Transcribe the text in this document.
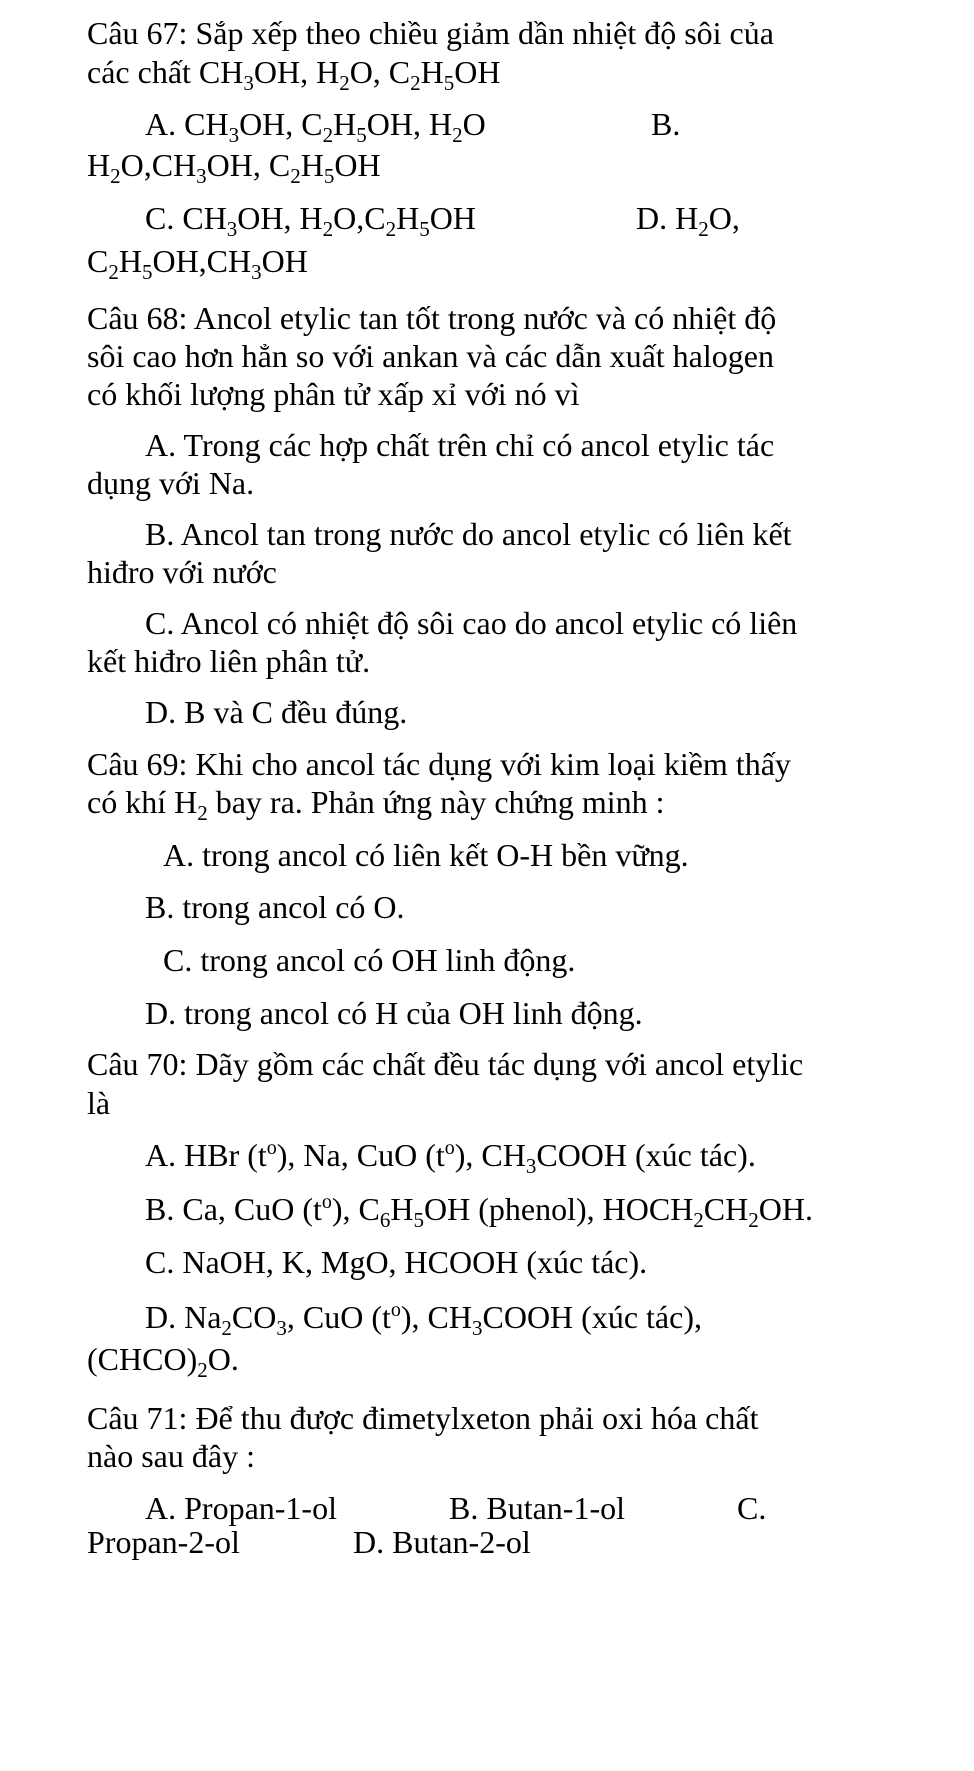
Câu 67: Sắp xếp theo chiều giảm dần nhiệt độ sôi của
các chất $CH_3OH$, $H_2O$, $C_2H_5OH$
A. $CH_3OH$, $C_2H_5OH$, $H_2O$	B.
$H_2O,CH_3OH$, $C_2H_5OH$
C. $CH_3OH$, $H_2O,C_2H_5OH$	D. $H_2O$,
$C_2H_5OH,CH_3OH$
Câu 68: Ancol etylic tan tốt trong nước và có nhiệt độ
sôi cao hơn hẳn so với ankan và các dẫn xuất halogen
có khối lượng phân tử xấp xỉ với nó vì
A. Trong các hợp chất trên chỉ có ancol etylic tác
dụng với Na.
B. Ancol tan trong nước do ancol etylic có liên kết
hiđro với nước
C. Ancol có nhiệt độ sôi cao do ancol etylic có liên
kết hiđro liên phân tử.
D. B và C đều đúng.
Câu 69: Khi cho ancol tác dụng với kim loại kiềm thấy
có khí $H_2$ bay ra. Phản ứng này chứng minh :
A. trong ancol có liên kết O-H bền vững.
B. trong ancol có O.
C. trong ancol có OH linh động.
D. trong ancol có H của OH linh động.
Câu 70: Dãy gồm các chất đều tác dụng với ancol etylic
là
A. HBr $(t^o)$, Na, CuO $(t^o)$, $CH_3COOH$ (xúc tác).
B. Ca, CuO $(t^o)$, $C_6H_5OH$ (phenol), $HOCH_2CH_2OH$.
C. NaOH, K, MgO, HCOOH (xúc tác).
D. $Na_2CO_3$, CuO $(t^o)$, $CH_3COOH$ (xúc tác),
$(CHCO)_2O$.
Câu 71: Để thu được đimetylxeton phải oxi hóa chất
nào sau đây :
A. Propan-1-ol	B. Butan-1-ol	C.
Propan-2-ol	D. Butan-2-ol
